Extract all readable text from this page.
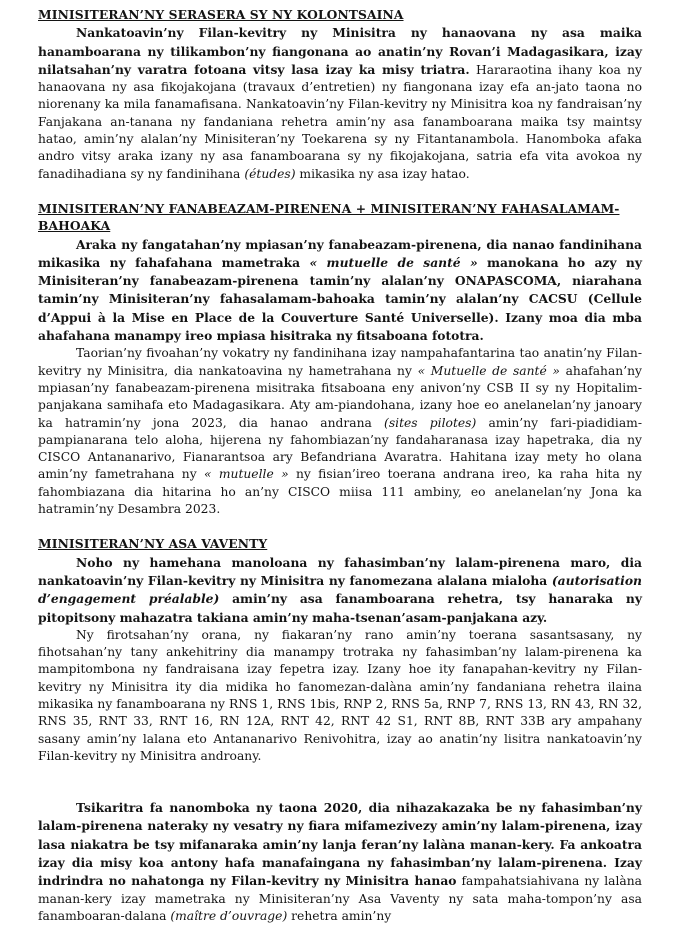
MINISITERAN’NY SERASERA SY NY KOLONTSAINA

Nankatoavin’ny Filan-kevitry ny Minisitra ny hanaovana ny asa maika hanamboarana ny tilikambon’ny fiangonana ao anatin’ny Rovan’i Madagasikara, izay nilatsahan’ny varatra fotoana vitsy lasa izay ka misy triatra. Hararaotina ihany koa ny hanaovana ny asa fikojakojana (travaux d’entretien) ny fiangonana izay efa an-jato taona no niorenany ka mila fanamafisana. Nankatoavin’ny Filan-kevitry ny Minisitra koa ny fandraisan’ny Fanjakana an-tanana ny fandaniana rehetra amin’ny asa fanamboarana maika tsy maintsy hatao, amin’ny alalan’ny Minisiteran’ny Toekarena sy ny Fitantanambola. Hanomboka afaka andro vitsy araka izany ny asa fanamboarana sy ny fikojakojana, satria efa vita avokoa ny fanadihadiana sy ny fandinihana (études) mikasika ny asa izay hatao.

MINISITERAN’NY FANABEAZAM-PIRENENA + MINISITERAN’NY FAHASALAMAM-BAHOAKA

Araka ny fangatahan’ny mpiasan’ny fanabeazam-pirenena, dia nanao fandinihana mikasika ny fahafahana mametraka « mutuelle de santé » manokana ho azy ny Minisiteran’ny fanabeazam-pirenena tamin’ny alalan’ny ONAPASCOMA, niarahana tamin’ny Minisiteran’ny fahasalamam-bahoaka tamin’ny alalan’ny CACSU (Cellule d’Appui à la Mise en Place de la Couverture Santé Universelle). Izany moa dia mba ahafahana manampy ireo mpiasa hisitraka ny fitsaboana fototra.

Taorian’ny fivoahan’ny vokatry ny fandinihana izay nampahafantarina tao anatin’ny Filan-kevitry ny Minisitra, dia nankatoavina ny hametrahana ny « Mutuelle de santé » ahafahan’ny mpiasan’ny fanabeazam-pirenena misitraka fitsaboana eny anivon’ny CSB II sy ny Hopitalim-panjakana samihafa eto Madagasikara. Aty am-piandohana, izany hoe eo anelanelan’ny janoary ka hatramin’ny jona 2023, dia hanao andrana (sites pilotes) amin’ny fari-piadidiam-pampianarana telo aloha, hijerena ny fahombiazan’ny fandaharanasa izay hapetraka, dia ny CISCO Antananarivo, Fianarantsoa ary Befandriana Avaratra. Hahitana izay mety ho olana amin’ny fametrahana ny « mutuelle » ny fisian’ireo toerana andrana ireo, ka raha hita ny fahombiazana dia hitarina ho an’ny CISCO miisa 111 ambiny, eo anelanelan’ny Jona ka hatramin’ny Desambra 2023.

MINISITERAN’NY ASA VAVENTY

Noho ny hamehana manoloana ny fahasimban’ny lalam-pirenena maro, dia nankatoavin’ny Filan-kevitry ny Minisitra ny fanomezana alalana mialoha (autorisation d’engagement préalable) amin’ny asa fanamboarana rehetra, tsy hanaraka ny pitopitsony mahazatra takiana amin’ny maha-tsenan’asam-panjakana azy.

Ny firotsahan’ny orana, ny fiakaran’ny rano amin’ny toerana sasantsasany, ny fihotsahan’ny tany ankehitriny dia manampy trotraka ny fahasimban’ny lalam-pirenena ka mampitombona ny fandraisana izay fepetra izay. Izany hoe ity fanapahan-kevitry ny Filan-kevitry ny Minisitra ity dia midika ho fanomezan-dalàna amin’ny fandaniana rehetra ilaina mikasika ny fanamboarana ny RNS 1, RNS 1bis, RNP 2, RNS 5a, RNP 7, RNS 13, RN 43, RN 32, RNS 35, RNT 33, RNT 16, RN 12A, RNT 42, RNT 42 S1, RNT 8B, RNT 33B ary ampahany sasany amin’ny lalana eto Antananarivo Renivohitra, izay ao anatin’ny lisitra nankatoavin’ny Filan-kevitry ny Minisitra androany.

Tsikaritra fa nanomboka ny taona 2020, dia nihazakazaka be ny fahasimban’ny lalam-pirenena nateraky ny vesatry ny fiara mifamezivezy amin’ny lalam-pirenena, izay lasa niakatra be tsy mifanaraka amin’ny lanja feran’ny lalàna manan-kery. Fa ankoatra izay dia misy koa antony hafa manafaingana ny fahasimban’ny lalam-pirenena. Izay indrindra no nahatonga ny Filan-kevitry ny Minisitra hanao fampahatsiahivana ny lalàna manan-kery izay mametraka ny Minisiteran’ny Asa Vaventy ny sata maha-tompon’ny asa fanamboaran-dalana (maître d’ouvrage) rehetra amin’ny
